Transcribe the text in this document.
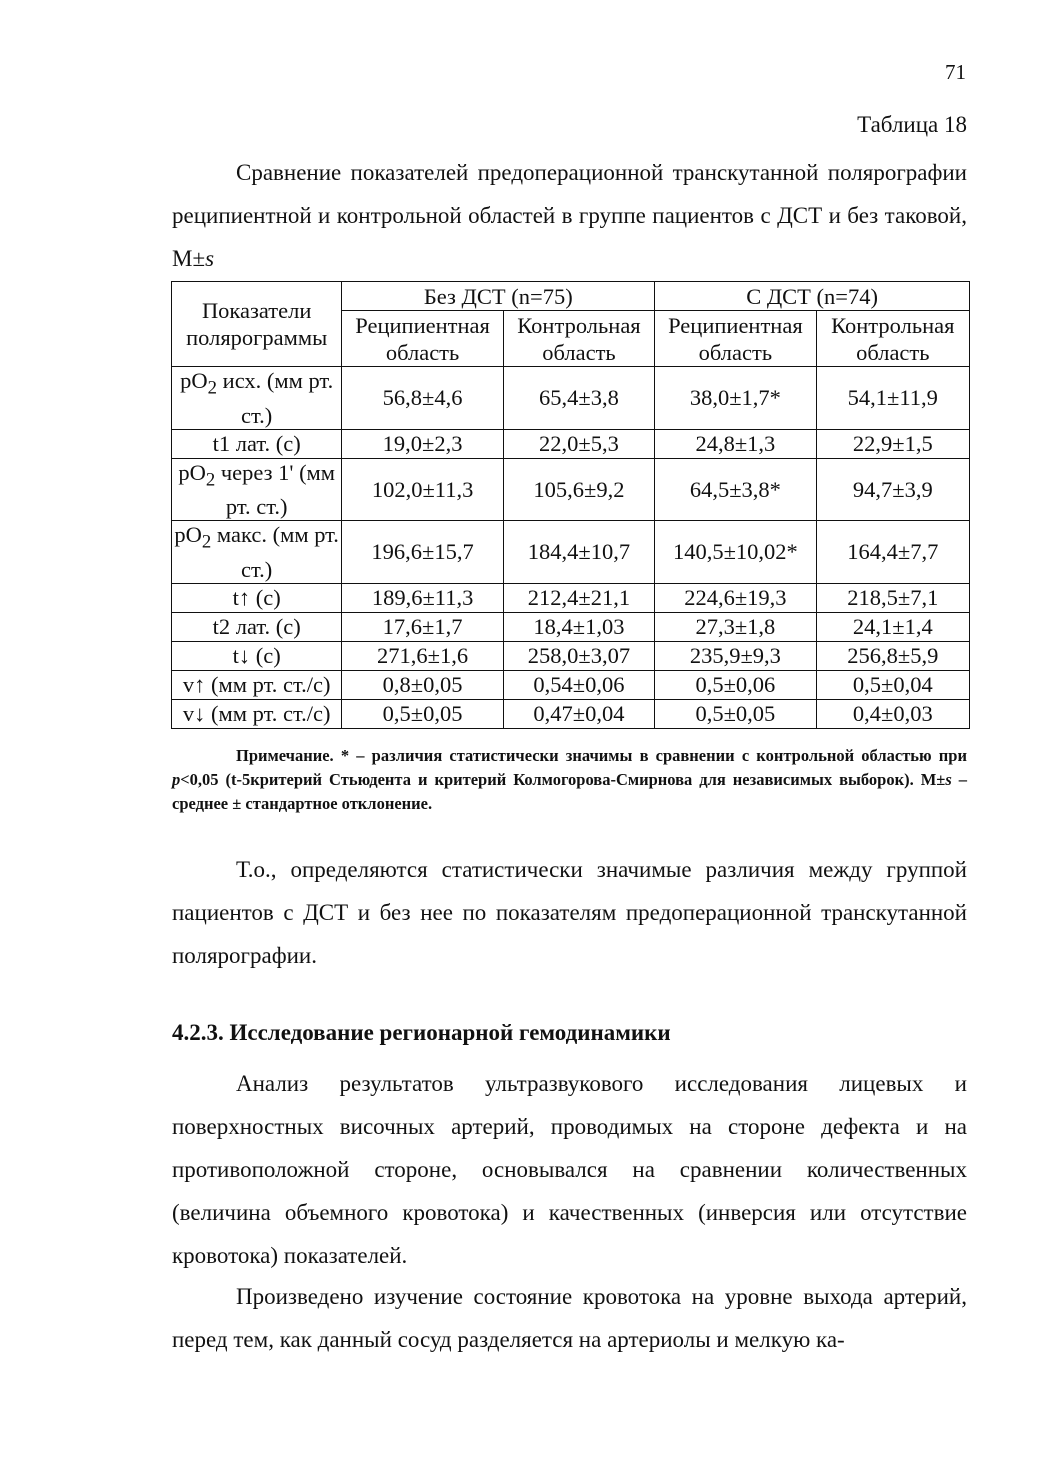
71
Таблица 18
Сравнение показателей предоперационной транскутанной полярографии реципиентной и контрольной областей в группе пациентов с ДСТ и без таковой, М±s
Показатели полярограммы	Без ДСТ (n=75)		С ДСТ (n=74)	
	Реципиентная область	Контрольная область	Реципиентная область	Контрольная область
$pO_2$ исх. (мм рт. ст.)	56,8±4,6	65,4±3,8	38,0±1,7*	54,1±11,9
t1 лат. (с)	19,0±2,3	22,0±5,3	24,8±1,3	22,9±1,5
$pO_2$ через 1' (мм рт. ст.)	102,0±11,3	105,6±9,2	64,5±3,8*	94,7±3,9
$pO_2$ макс. (мм рт. ст.)	196,6±15,7	184,4±10,7	140,5±10,02*	164,4±7,7
t↑ (с)	189,6±11,3	212,4±21,1	224,6±19,3	218,5±7,1
t2 лат. (с)	17,6±1,7	18,4±1,03	27,3±1,8	24,1±1,4
t↓ (с)	271,6±1,6	258,0±3,07	235,9±9,3	256,8±5,9
v↑ (мм рт. ст./с)	0,8±0,05	0,54±0,06	0,5±0,06	0,5±0,04
v↓ (мм рт. ст./с)	0,5±0,05	0,47±0,04	0,5±0,05	0,4±0,03
Примечание. * – различия статистически значимы в сравнении с контрольной областью при p<0,05 (t-5критерий Стьюдента и критерий Колмогорова-Смирнова для независимых выборок). М±s – среднее ± стандартное отклонение.
Т.о., определяются статистически значимые различия между группой пациентов с ДСТ и без нее по показателям предоперационной транскутанной полярографии.
4.2.3. Исследование регионарной гемодинамики
Анализ результатов ультразвукового исследования лицевых и поверхностных височных артерий, проводимых на стороне дефекта и на противоположной стороне, основывался на сравнении количественных (величина объемного кровотока) и качественных (инверсия или отсутствие кровотока) показателей.
Произведено изучение состояние кровотока на уровне выхода артерий, перед тем, как данный сосуд разделяется на артериолы и мелкую ка-
